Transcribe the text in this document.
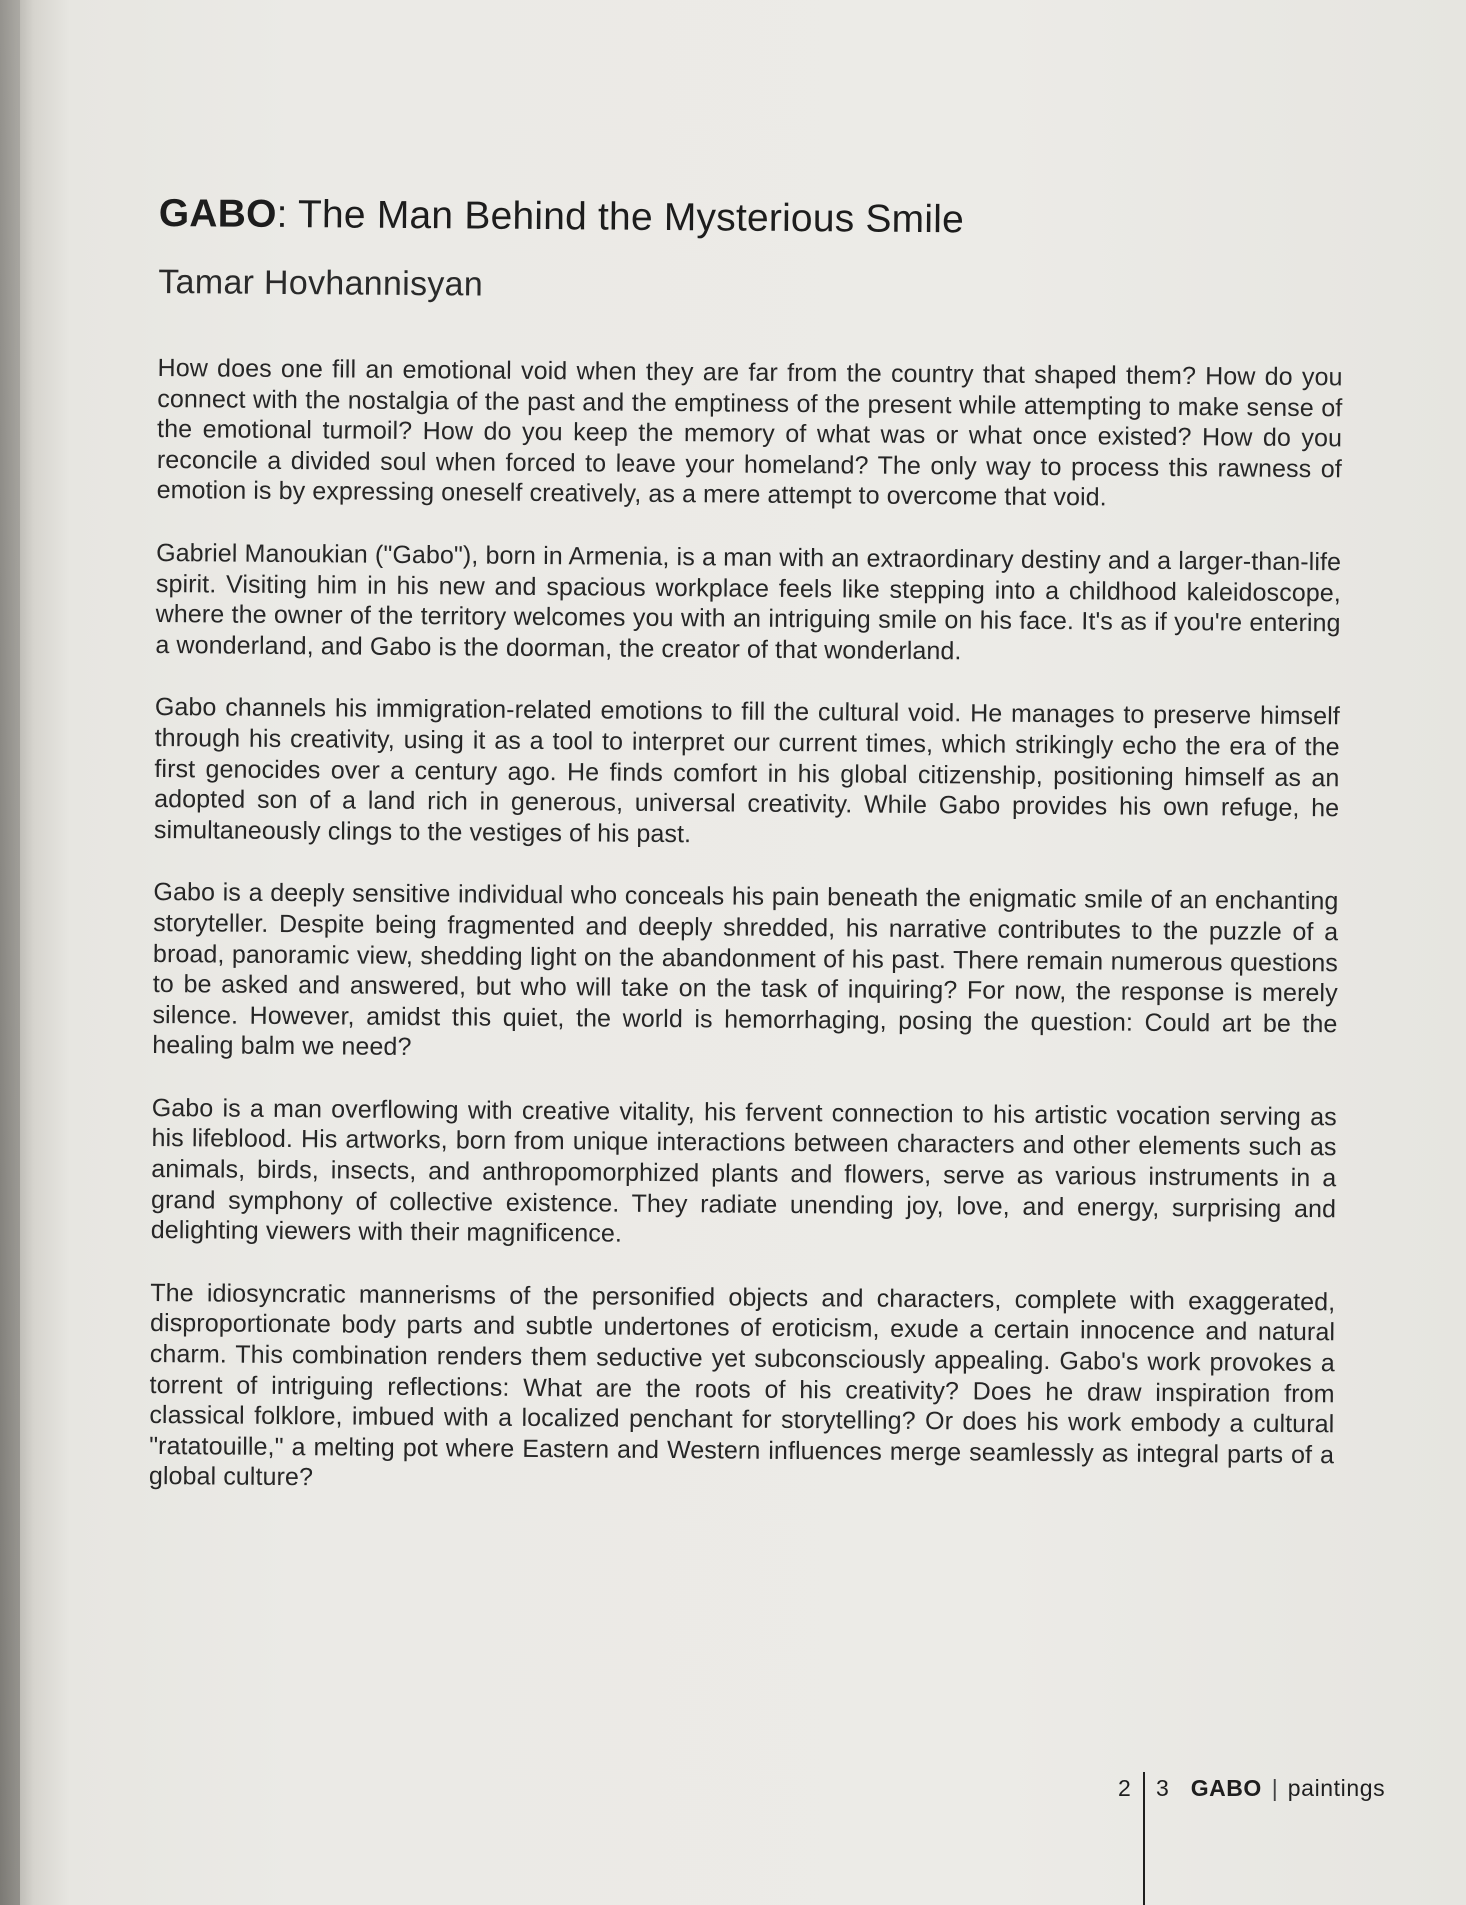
GABO: The Man Behind the Mysterious Smile
Tamar Hovhannisyan

How does one fill an emotional void when they are far from the country that shaped them? How do you connect with the nostalgia of the past and the emptiness of the present while attempting to make sense of the emotional turmoil? How do you keep the memory of what was or what once existed? How do you reconcile a divided soul when forced to leave your homeland? The only way to process this rawness of emotion is by expressing oneself creatively, as a mere attempt to overcome that void.

Gabriel Manoukian ("Gabo"), born in Armenia, is a man with an extraordinary destiny and a larger-than-life spirit. Visiting him in his new and spacious workplace feels like stepping into a childhood kaleidoscope, where the owner of the territory welcomes you with an intriguing smile on his face. It's as if you're entering a wonderland, and Gabo is the doorman, the creator of that wonderland.

Gabo channels his immigration-related emotions to fill the cultural void. He manages to preserve himself through his creativity, using it as a tool to interpret our current times, which strikingly echo the era of the first genocides over a century ago. He finds comfort in his global citizenship, positioning himself as an adopted son of a land rich in generous, universal creativity. While Gabo provides his own refuge, he simultaneously clings to the vestiges of his past.

Gabo is a deeply sensitive individual who conceals his pain beneath the enigmatic smile of an enchanting storyteller. Despite being fragmented and deeply shredded, his narrative contributes to the puzzle of a broad, panoramic view, shedding light on the abandonment of his past. There remain numerous questions to be asked and answered, but who will take on the task of inquiring? For now, the response is merely silence. However, amidst this quiet, the world is hemorrhaging, posing the question: Could art be the healing balm we need?

Gabo is a man overflowing with creative vitality, his fervent connection to his artistic vocation serving as his lifeblood. His artworks, born from unique interactions between characters and other elements such as animals, birds, insects, and anthropomorphized plants and flowers, serve as various instruments in a grand symphony of collective existence. They radiate unending joy, love, and energy, surprising and delighting viewers with their magnificence.

The idiosyncratic mannerisms of the personified objects and characters, complete with exaggerated, disproportionate body parts and subtle undertones of eroticism, exude a certain innocence and natural charm. This combination renders them seductive yet subconsciously appealing. Gabo's work provokes a torrent of intriguing reflections: What are the roots of his creativity? Does he draw inspiration from classical folklore, imbued with a localized penchant for storytelling? Or does his work embody a cultural "ratatouille," a melting pot where Eastern and Western influences merge seamlessly as integral parts of a global culture?

2	3 GABO | paintings
